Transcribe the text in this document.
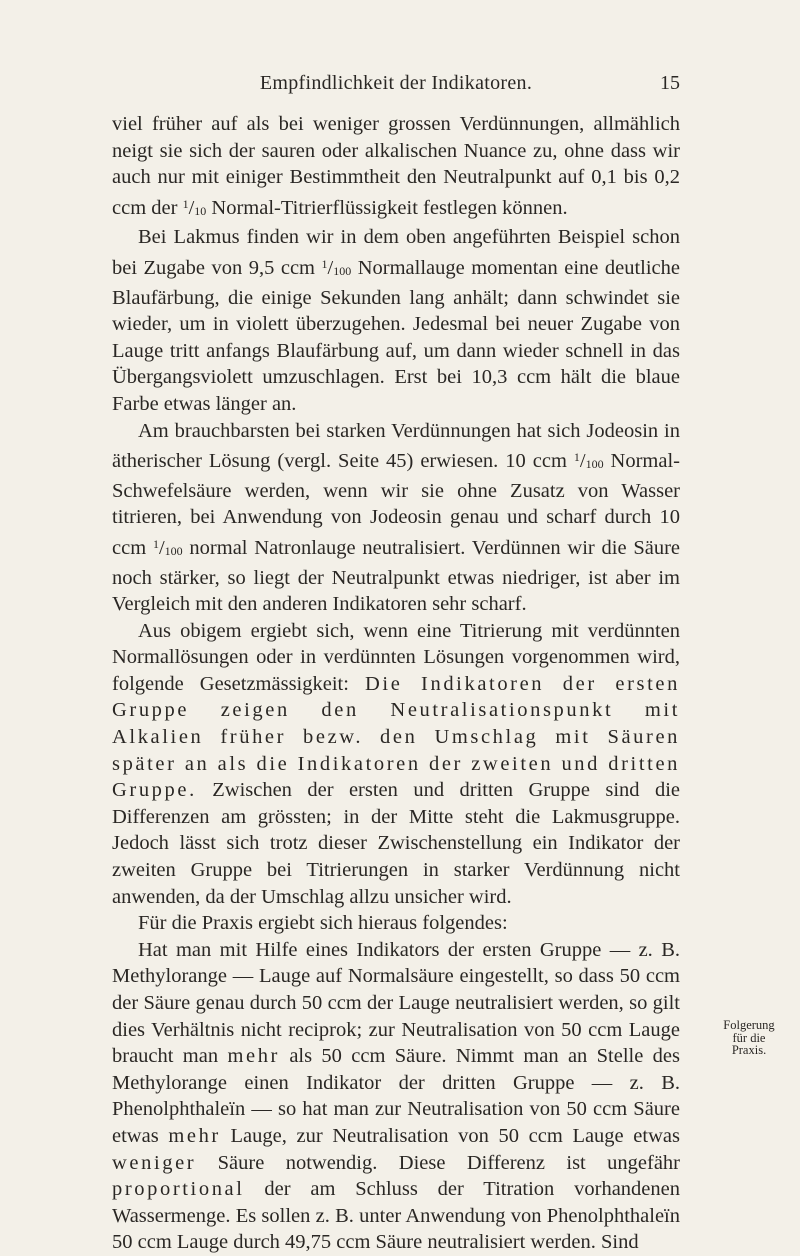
Empfindlichkeit der Indikatoren.	15

viel früher auf als bei weniger grossen Verdünnungen, allmählich neigt sie sich der sauren oder alkalischen Nuance zu, ohne dass wir auch nur mit einiger Bestimmtheit den Neutralpunkt auf 0,1 bis 0,2 ccm der $^1/_{10}$ Normal-Titrierflüssigkeit festlegen können.

Bei Lakmus finden wir in dem oben angeführten Beispiel schon bei Zugabe von 9,5 ccm $^1/_{100}$ Normallauge momentan eine deutliche Blaufärbung, die einige Sekunden lang anhält; dann schwindet sie wieder, um in violett überzugehen. Jedesmal bei neuer Zugabe von Lauge tritt anfangs Blaufärbung auf, um dann wieder schnell in das Übergangsviolett umzuschlagen. Erst bei 10,3 ccm hält die blaue Farbe etwas länger an.

Am brauchbarsten bei starken Verdünnungen hat sich Jodeosin in ätherischer Lösung (vergl. Seite 45) erwiesen. 10 ccm $^1/_{100}$ Normal-Schwefelsäure werden, wenn wir sie ohne Zusatz von Wasser titrieren, bei Anwendung von Jodeosin genau und scharf durch 10 ccm $^1/_{100}$ normal Natronlauge neutralisiert. Verdünnen wir die Säure noch stärker, so liegt der Neutralpunkt etwas niedriger, ist aber im Vergleich mit den anderen Indikatoren sehr scharf.

Aus obigem ergiebt sich, wenn eine Titrierung mit verdünnten Normallösungen oder in verdünnten Lösungen vorgenommen wird, folgende Gesetzmässigkeit: Die Indikatoren der ersten Gruppe zeigen den Neutralisationspunkt mit Alkalien früher bezw. den Umschlag mit Säuren später an als die Indikatoren der zweiten und dritten Gruppe. Zwischen der ersten und dritten Gruppe sind die Differenzen am grössten; in der Mitte steht die Lakmusgruppe. Jedoch lässt sich trotz dieser Zwischenstellung ein Indikator der zweiten Gruppe bei Titrierungen in starker Verdünnung nicht anwenden, da der Umschlag allzu unsicher wird.

Für die Praxis ergiebt sich hieraus folgendes:

Hat man mit Hilfe eines Indikators der ersten Gruppe — z. B. Methylorange — Lauge auf Normalsäure eingestellt, so dass 50 ccm der Säure genau durch 50 ccm der Lauge neutralisiert werden, so gilt dies Verhältnis nicht reciprok; zur Neutralisation von 50 ccm Lauge braucht man mehr als 50 ccm Säure. Nimmt man an Stelle des Methylorange einen Indikator der dritten Gruppe — z. B. Phenolphthaleïn — so hat man zur Neutralisation von 50 ccm Säure etwas mehr Lauge, zur Neutralisation von 50 ccm Lauge etwas weniger Säure notwendig. Diese Differenz ist ungefähr proportional der am Schluss der Titration vorhandenen Wassermenge. Es sollen z. B. unter Anwendung von Phenolphthaleïn 50 ccm Lauge durch 49,75 ccm Säure neutralisiert werden. Sind

Folgerung
für die
Praxis.
